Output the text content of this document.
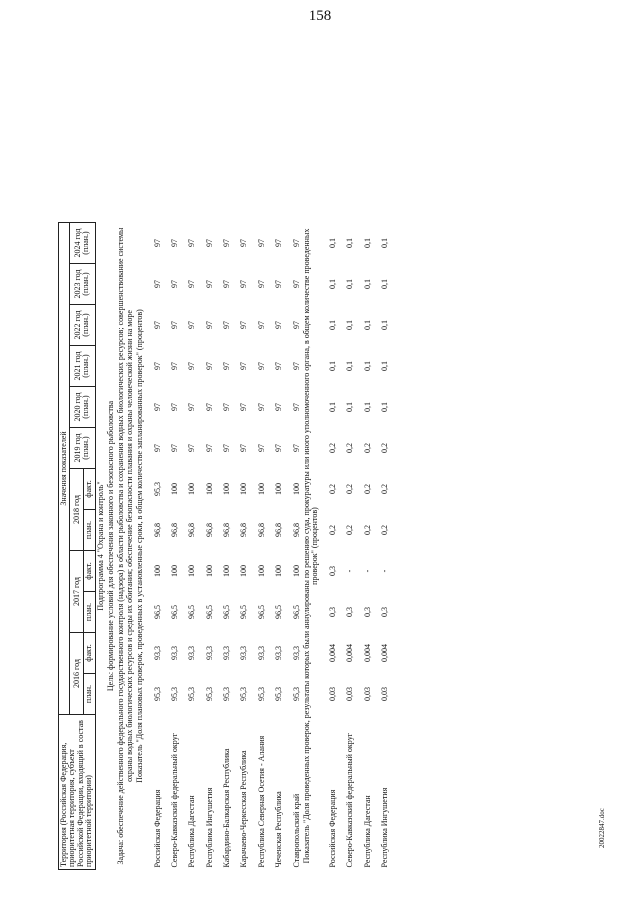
158
20022847.doc
Территория (Российская Федерация, приоритетная территория, субъект Российской Федерации, входящий в состав приоритетной территории)	Значения показателей											
	2016 год		2017 год		2018 год		2019 год (план.)	2020 год (план.)	2021 год (план.)	2022 год (план.)	2023 год (план.)	2024 год (план.)
	план.	факт.	план.	факт.	план.	факт.						
Подпрограмма 4 "Охрана и контроль"												
Цель: формирование условий для обеспечения законного и безопасного рыболовства												
Задача: обеспечение действенного федерального государственного контроля (надзора) в области рыболовства и сохранения водных биологических ресурсов; совершенствование системы охраны водных биологических ресурсов и среды их обитания; обеспечение безопасности плавания и охраны человеческой жизни на море												
Показатель "Доля плановых проверок, проведенных в установленные сроки, в общем количестве запланированных проверок" (процентов)												
Российская Федерация	95,3	93,3	96,5	100	96,8	95,3	97	97	97	97	97	97
Северо-Кавказский федеральный округ	95,3	93,3	96,5	100	96,8	100	97	97	97	97	97	97
Республика Дагестан	95,3	93,3	96,5	100	96,8	100	97	97	97	97	97	97
Республика Ингушетия	95,3	93,3	96,5	100	96,8	100	97	97	97	97	97	97
Кабардино-Балкарская Республика	95,3	93,3	96,5	100	96,8	100	97	97	97	97	97	97
Карачаево-Черкесская Республика	95,3	93,3	96,5	100	96,8	100	97	97	97	97	97	97
Республика Северная Осетия - Алания	95,3	93,3	96,5	100	96,8	100	97	97	97	97	97	97
Чеченская Республика	95,3	93,3	96,5	100	96,8	100	97	97	97	97	97	97
Ставропольский край	95,3	93,3	96,5	100	96,8	100	97	97	97	97	97	97
Показатель "Доля проведенных проверок, результаты которых были аннулированы по решению суда, прокуратуры или иного уполномоченного органа, в общем количестве проведенных проверок" (процентов)												
Российская Федерация	0,03	0,004	0,3	0,3	0,2	0,2	0,2	0,1	0,1	0,1	0,1	0,1
Северо-Кавказский федеральный округ	0,03	0,004	0,3	-	0,2	0,2	0,2	0,1	0,1	0,1	0,1	0,1
Республика Дагестан	0,03	0,004	0,3	-	0,2	0,2	0,2	0,1	0,1	0,1	0,1	0,1
Республика Ингушетия	0,03	0,004	0,3	-	0,2	0,2	0,2	0,1	0,1	0,1	0,1	0,1
